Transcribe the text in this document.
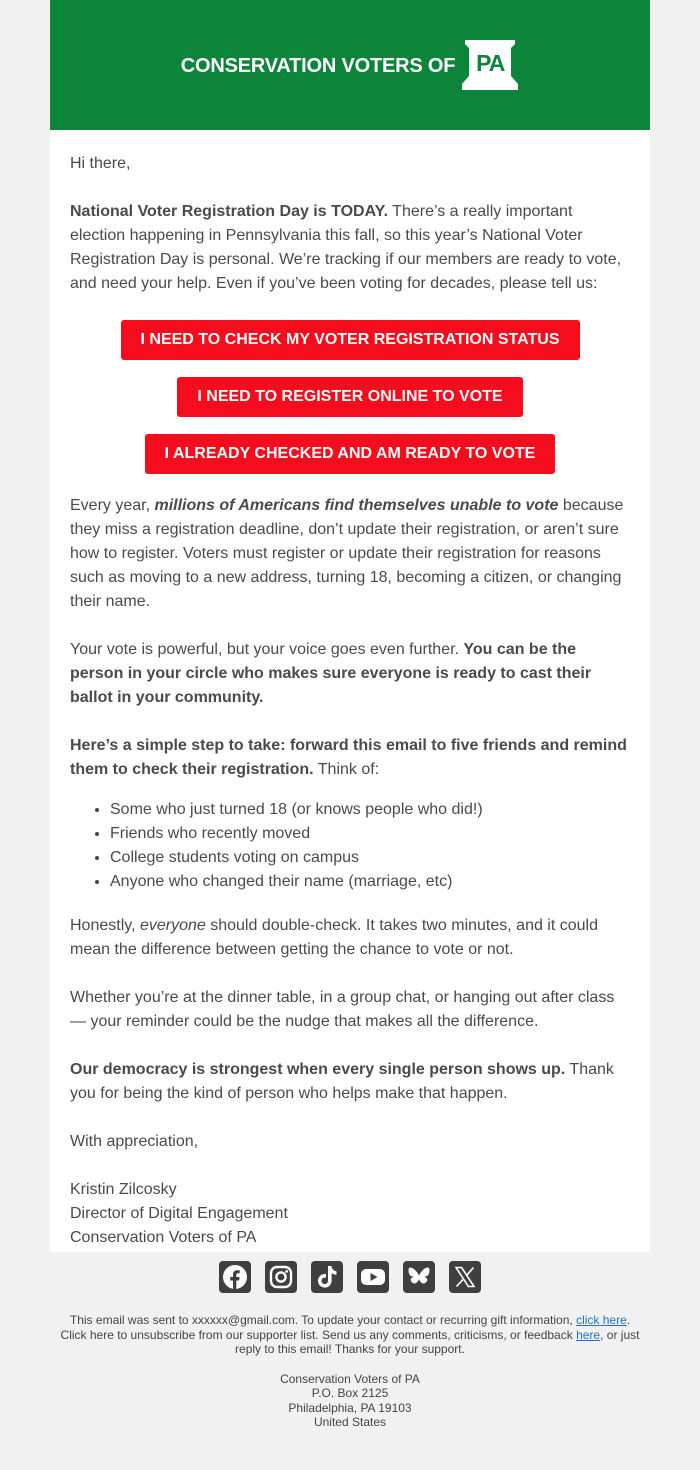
CONSERVATION VOTERS OF PA

Hi there,

National Voter Registration Day is TODAY. There’s a really important election happening in Pennsylvania this fall, so this year’s National Voter Registration Day is personal. We’re tracking if our members are ready to vote, and need your help. Even if you’ve been voting for decades, please tell us:

I NEED TO CHECK MY VOTER REGISTRATION STATUS
I NEED TO REGISTER ONLINE TO VOTE
I ALREADY CHECKED AND AM READY TO VOTE

Every year, millions of Americans find themselves unable to vote because they miss a registration deadline, don’t update their registration, or aren’t sure how to register. Voters must register or update their registration for reasons such as moving to a new address, turning 18, becoming a citizen, or changing their name.

Your vote is powerful, but your voice goes even further. You can be the person in your circle who makes sure everyone is ready to cast their ballot in your community.

Here’s a simple step to take: forward this email to five friends and remind them to check their registration. Think of:

• Some who just turned 18 (or knows people who did!)
• Friends who recently moved
• College students voting on campus
• Anyone who changed their name (marriage, etc)

Honestly, everyone should double-check. It takes two minutes, and it could mean the difference between getting the chance to vote or not.

Whether you’re at the dinner table, in a group chat, or hanging out after class — your reminder could be the nudge that makes all the difference.

Our democracy is strongest when every single person shows up. Thank you for being the kind of person who helps make that happen.

With appreciation,

Kristin Zilcosky
Director of Digital Engagement
Conservation Voters of PA
This email was sent to xxxxxx@gmail.com. To update your contact or recurring gift information, click here.
Click here to unsubscribe from our supporter list. Send us any comments, criticisms, or feedback here, or just reply to this email! Thanks for your support.
Conservation Voters of PA
P.O. Box 2125
Philadelphia, PA 19103
United States
